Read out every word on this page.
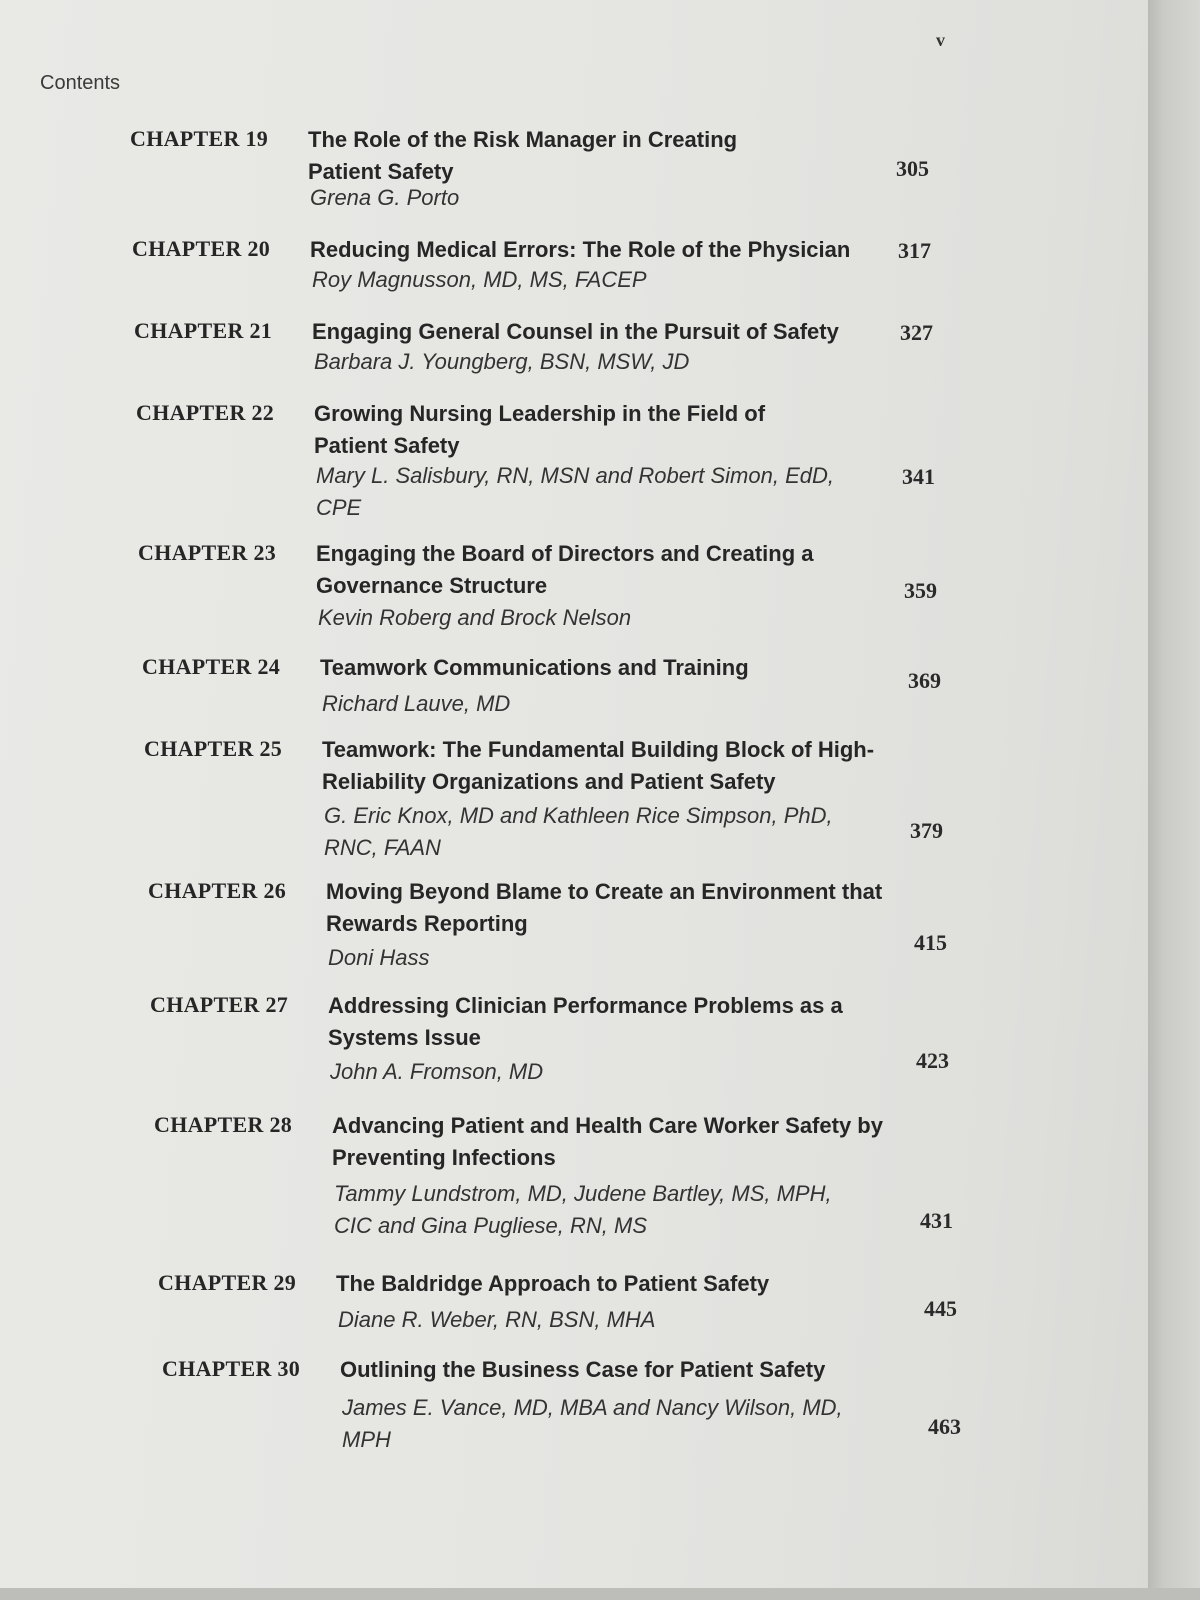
Contents
v
CHAPTER 19 The Role of the Risk Manager in Creating Patient Safety
Grena G. Porto
305
CHAPTER 20 Reducing Medical Errors: The Role of the Physician
Roy Magnusson, MD, MS, FACEP
317
CHAPTER 21 Engaging General Counsel in the Pursuit of Safety
Barbara J. Youngberg, BSN, MSW, JD
327
CHAPTER 22 Growing Nursing Leadership in the Field of Patient Safety
Mary L. Salisbury, RN, MSN and Robert Simon, EdD, CPE
341
CHAPTER 23 Engaging the Board of Directors and Creating a Governance Structure
Kevin Roberg and Brock Nelson
359
CHAPTER 24 Teamwork Communications and Training
Richard Lauve, MD
369
CHAPTER 25 Teamwork: The Fundamental Building Block of High-Reliability Organizations and Patient Safety
G. Eric Knox, MD and Kathleen Rice Simpson, PhD, RNC, FAAN
379
CHAPTER 26 Moving Beyond Blame to Create an Environment that Rewards Reporting
Doni Hass
415
CHAPTER 27 Addressing Clinician Performance Problems as a Systems Issue
John A. Fromson, MD	423
CHAPTER 28 Advancing Patient and Health Care Worker Safety by Preventing Infections
Tammy Lundstrom, MD, Judene Bartley, MS, MPH, CIC and Gina Pugliese, RN, MS	431
CHAPTER 29 The Baldridge Approach to Patient Safety
Diane R. Weber, RN, BSN, MHA	445
CHAPTER 30 Outlining the Business Case for Patient Safety
James E. Vance, MD, MBA and Nancy Wilson, MD, MPH
463
